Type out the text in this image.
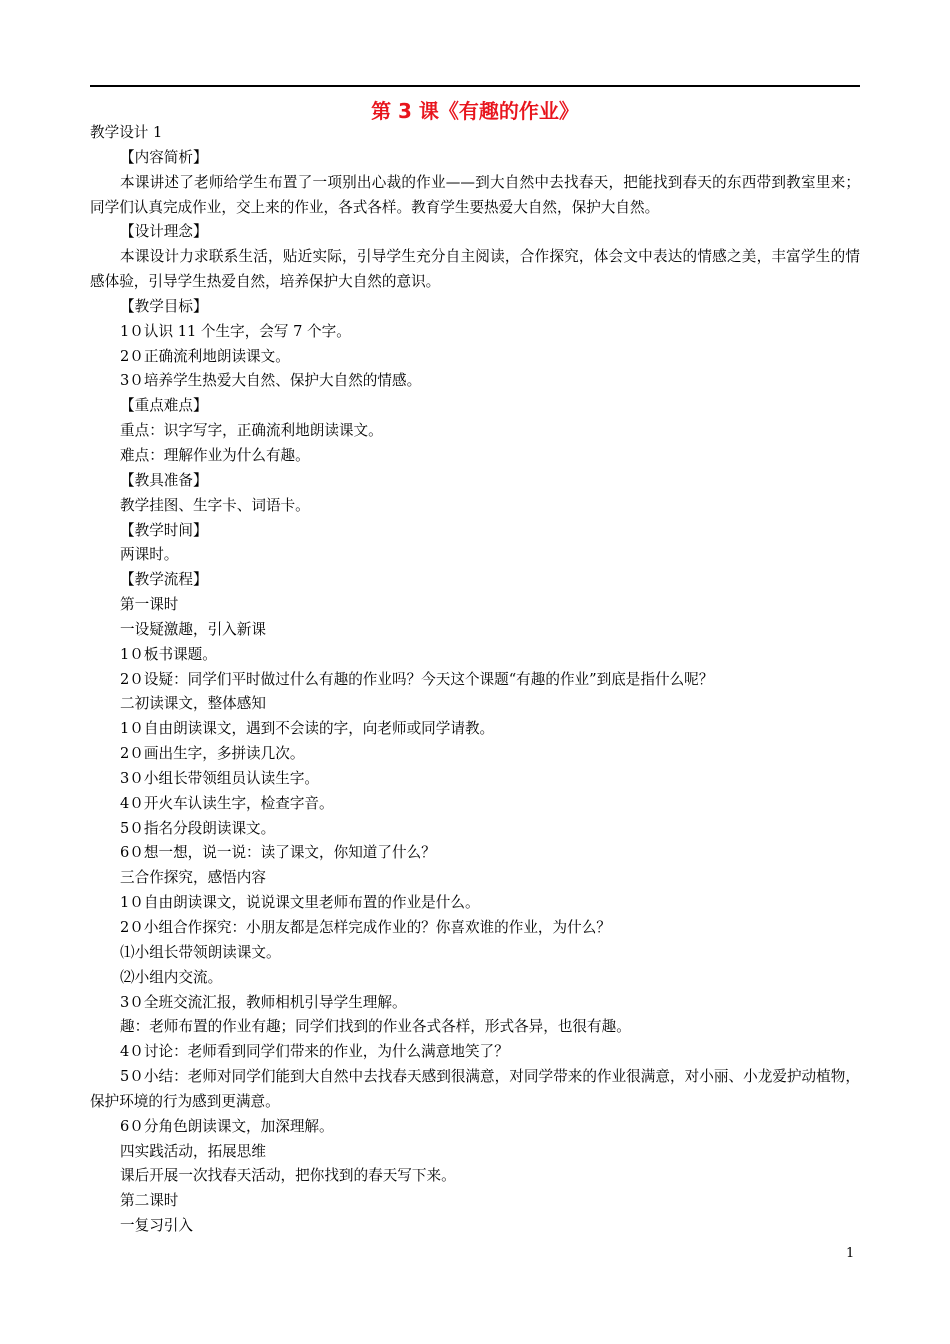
第 3 课《有趣的作业》
教学设计 1
【内容简析】
本课讲述了老师给学生布置了一项别出心裁的作业——到大自然中去找春天，把能找到春天的东西带到教室里来；同学们认真完成作业，交上来的作业，各式各样。教育学生要热爱大自然，保护大自然。
【设计理念】
本课设计力求联系生活，贴近实际，引导学生充分自主阅读，合作探究，体会文中表达的情感之美，丰富学生的情感体验，引导学生热爱自然，培养保护大自然的意识。
【教学目标】
1０认识 11 个生字，会写 7 个字。
2０正确流利地朗读课文。
3０培养学生热爱大自然、保护大自然的情感。
【重点难点】
重点：识字写字，正确流利地朗读课文。
难点：理解作业为什么有趣。
【教具准备】
教学挂图、生字卡、词语卡。
【教学时间】
两课时。
【教学流程】
第一课时
一设疑激趣，引入新课
1０板书课题。
2０设疑：同学们平时做过什么有趣的作业吗？今天这个课题“有趣的作业”到底是指什么呢？
二初读课文，整体感知
1０自由朗读课文，遇到不会读的字，向老师或同学请教。
2０画出生字，多拼读几次。
3０小组长带领组员认读生字。
4０开火车认读生字，检查字音。
5０指名分段朗读课文。
6０想一想，说一说：读了课文，你知道了什么？
三合作探究，感悟内容
1０自由朗读课文，说说课文里老师布置的作业是什么。
2０小组合作探究：小朋友都是怎样完成作业的？你喜欢谁的作业，为什么？
⑴小组长带领朗读课文。
⑵小组内交流。
3０全班交流汇报，教师相机引导学生理解。
趣：老师布置的作业有趣；同学们找到的作业各式各样，形式各异，也很有趣。
4０讨论：老师看到同学们带来的作业，为什么满意地笑了？
5０小结：老师对同学们能到大自然中去找春天感到很满意，对同学带来的作业很满意，对小丽、小龙爱护动植物，保护环境的行为感到更满意。
6０分角色朗读课文，加深理解。
四实践活动，拓展思维
课后开展一次找春天活动，把你找到的春天写下来。
第二课时
一复习引入
1
